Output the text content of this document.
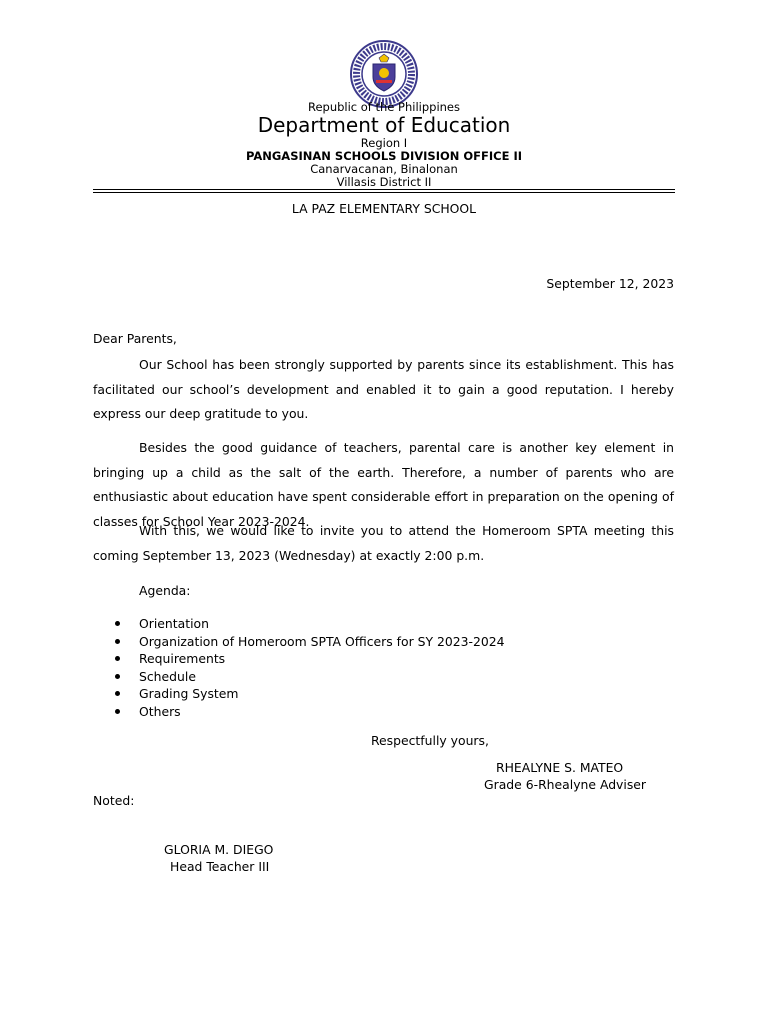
Republic of the Philippines
Department of Education
Region I
PANGASINAN SCHOOLS DIVISION OFFICE II
Canarvacanan, Binalonan
Villasis District II
LA PAZ ELEMENTARY SCHOOL
September 12, 2023
Dear Parents,

Our School has been strongly supported by parents since its establishment. This has facilitated our school’s development and enabled it to gain a good reputation. I hereby express our deep gratitude to you.

Besides the good guidance of teachers, parental care is another key element in bringing up a child as the salt of the earth. Therefore, a number of parents who are enthusiastic about education have spent considerable effort in preparation on the opening of classes for School Year 2023-2024.

With this, we would like to invite you to attend the Homeroom SPTA meeting this coming September 13, 2023 (Wednesday) at exactly 2:00 p.m.

Agenda:
Orientation
Organization of Homeroom SPTA Officers for SY 2023-2024
Requirements
Schedule
Grading System
Others
Respectfully yours,
RHEALYNE S. MATEO
Grade 6-Rhealyne Adviser
Noted:
GLORIA M. DIEGO
Head Teacher III
